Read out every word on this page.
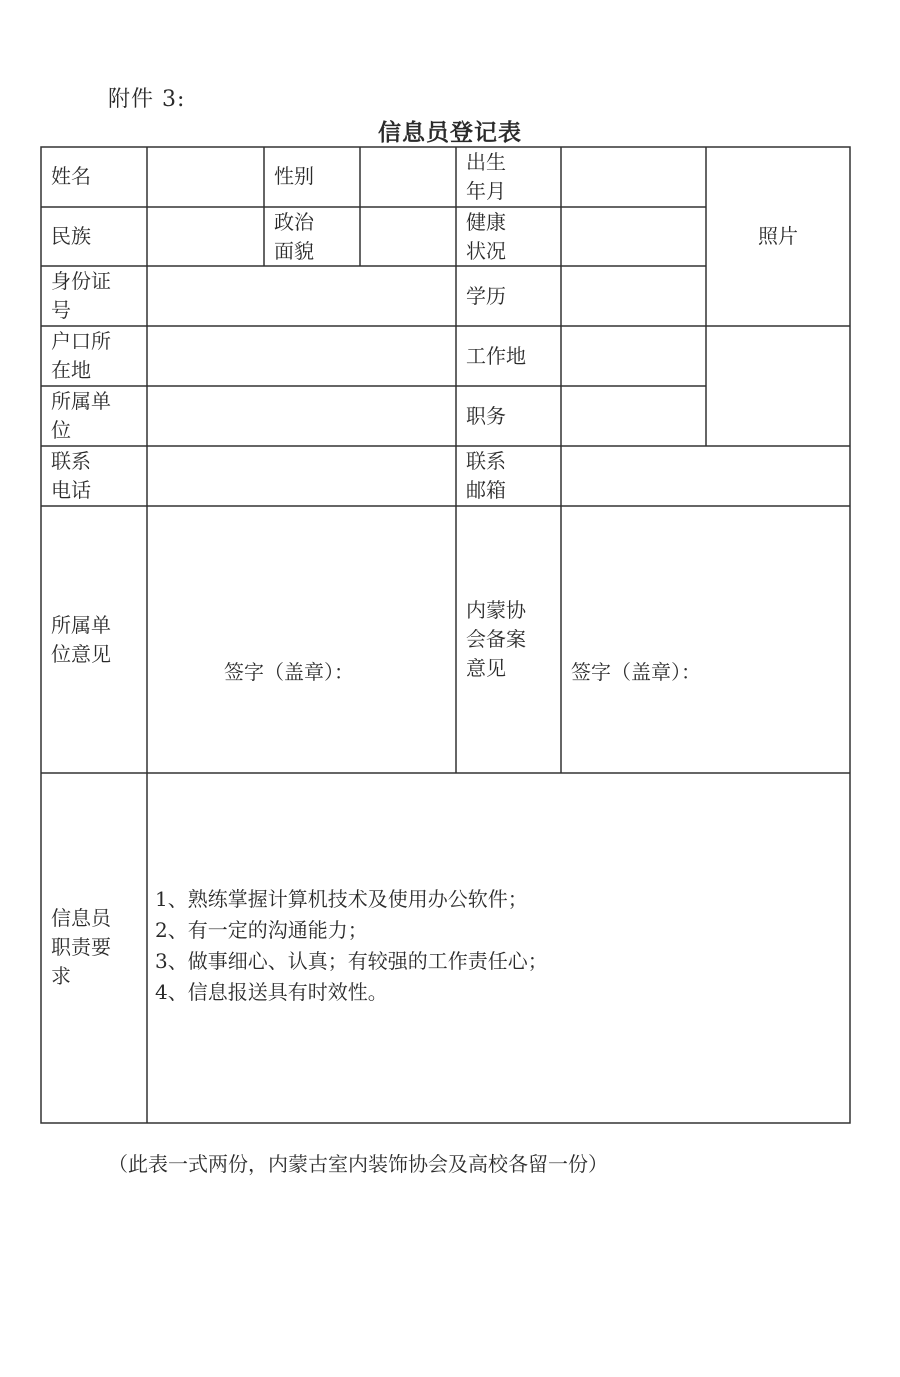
附件 3:
信息员登记表
姓名	性别
出生
年月
照片
民族
政治
面貌
健康
状况
身份证
号
学历
户口所
在地
工作地
所属单
位
职务
联系
电话
联系
邮箱
所属单
位意见
签字（盖章）：
内蒙协
会备案
意见	签字（盖章）：
信息员
职责要
求
1、熟练掌握计算机技术及使用办公软件；
2、有一定的沟通能力；
3、做事细心、认真；有较强的工作责任心；
4、信息报送具有时效性。
（此表一式两份，内蒙古室内装饰协会及高校各留一份）
